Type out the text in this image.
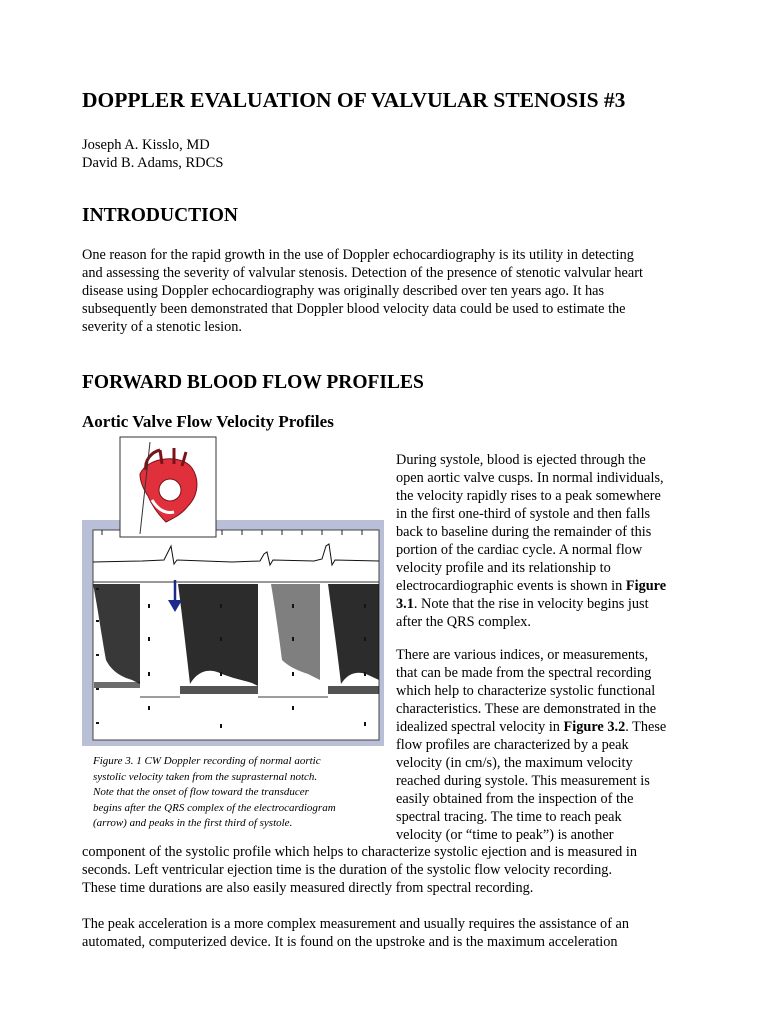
DOPPLER EVALUATION OF VALVULAR STENOSIS #3
Joseph A. Kisslo, MD
David B. Adams, RDCS
INTRODUCTION
One reason for the rapid growth in the use of Doppler echocardiography is its utility in detecting
and assessing the severity of valvular stenosis. Detection of the presence of stenotic valvular heart
disease using Doppler echocardiography was originally described over ten years ago. It has
subsequently been demonstrated that Doppler blood velocity data could be used to estimate the
severity of a stenotic lesion.
FORWARD BLOOD FLOW PROFILES
Aortic Valve Flow Velocity Profiles
Figure 3. 1 CW Doppler recording of normal aortic
systolic velocity taken from the suprasternal notch.
Note that the onset of flow toward the transducer
begins after the QRS complex of the electrocardiogram
(arrow) and peaks in the first third of systole.
During systole, blood is ejected through the
open aortic valve cusps. In normal individuals,
the velocity rapidly rises to a peak somewhere
in the first one-third of systole and then falls
back to baseline during the remainder of this
portion of the cardiac cycle. A normal flow
velocity profile and its relationship to
electrocardiographic events is shown in Figure
3.1. Note that the rise in velocity begins just
after the QRS complex.
There are various indices, or measurements,
that can be made from the spectral recording
which help to characterize systolic functional
characteristics. These are demonstrated in the
idealized spectral velocity in Figure 3.2. These
flow profiles are characterized by a peak
velocity (in cm/s), the maximum velocity
reached during systole. This measurement is
easily obtained from the inspection of the
spectral tracing. The time to reach peak
velocity (or “time to peak”) is another
component of the systolic profile which helps to characterize systolic ejection and is measured in
seconds. Left ventricular ejection time is the duration of the systolic flow velocity recording.
These time durations are also easily measured directly from spectral recording.
The peak acceleration is a more complex measurement and usually requires the assistance of an
automated, computerized device. It is found on the upstroke and is the maximum acceleration
